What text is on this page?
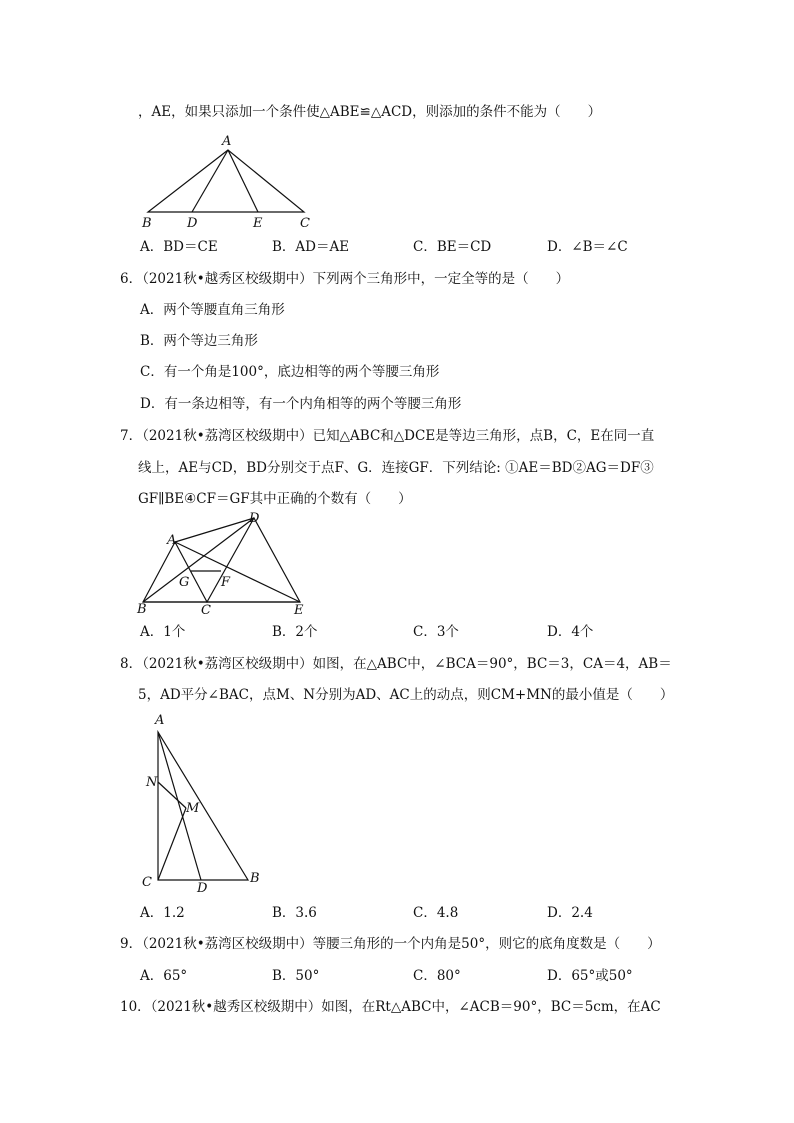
，AE，如果只添加一个条件使△ABE≌△ACD，则添加的条件不能为（　　）
A
B	D	E	C
A．BD＝CE	B．AD＝AE	C．BE＝CD	D．∠B＝∠C
6．（2021秋•越秀区校级期中）下列两个三角形中，一定全等的是（　　）
A．两个等腰直角三角形
B．两个等边三角形
C．有一个角是100°，底边相等的两个等腰三角形
D．有一条边相等，有一个内角相等的两个等腰三角形
7．（2021秋•荔湾区校级期中）已知△ABC和△DCE是等边三角形，点B，C，E在同一直
线上，AE与CD，BD分别交于点F、G．连接GF．下列结论: ①AE＝BD②AG＝DF③
GF∥BE④CF＝GF其中正确的个数有（　　）
D
A
G F
B	C	E
A．1个	B．2个	C．3个	D．4个
8．（2021秋•荔湾区校级期中）如图，在△ABC中，∠BCA＝90°，BC＝3，CA＝4，AB＝
5，AD平分∠BAC，点M、N分别为AD、AC上的动点，则CM+MN的最小值是（　　）
A
N
M
C	D
B
A．1.2	B．3.6	C．4.8	D．2.4
9．（2021秋•荔湾区校级期中）等腰三角形的一个内角是50°，则它的底角度数是（　　）
A．65°	B．50°	C．80°	D．65°或50°
10．（2021秋•越秀区校级期中）如图，在Rt△ABC中，∠ACB＝90°，BC＝5cm，在AC
